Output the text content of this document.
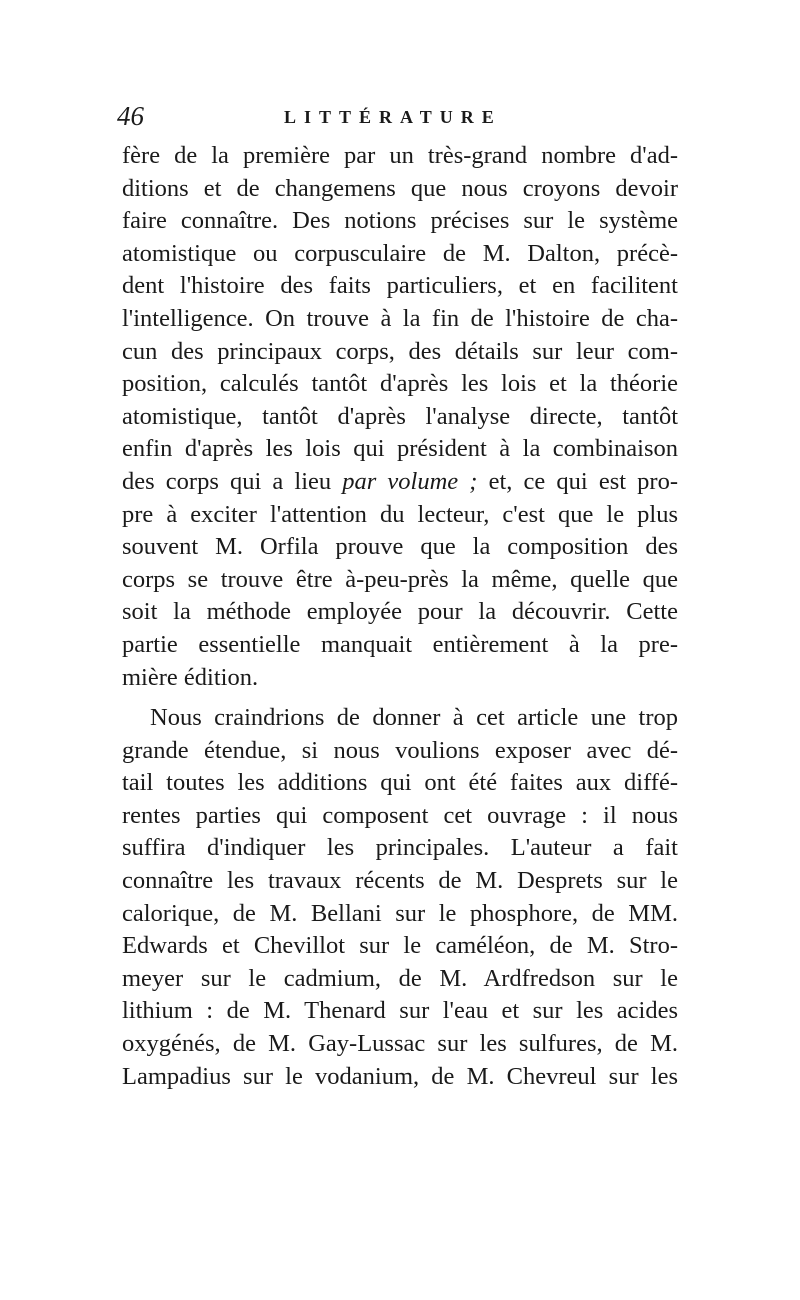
46	LITTÉRATURE
fère de la première par un très-grand nombre d'ad-
ditions et de changemens que nous croyons devoir
faire connaître. Des notions précises sur le système
atomistique ou corpusculaire de M. Dalton, précè-
dent l'histoire des faits particuliers, et en facilitent
l'intelligence. On trouve à la fin de l'histoire de cha-
cun des principaux corps, des détails sur leur com-
position, calculés tantôt d'après les lois et la théorie
atomistique, tantôt d'après l'analyse directe, tantôt
enfin d'après les lois qui président à la combinaison
des corps qui a lieu par volume ; et, ce qui est pro-
pre à exciter l'attention du lecteur, c'est que le plus
souvent M. Orfila prouve que la composition des
corps se trouve être à-peu-près la même, quelle que
soit la méthode employée pour la découvrir. Cette
partie essentielle manquait entièrement à la pre-
mière édition.
Nous craindrions de donner à cet article une trop
grande étendue, si nous voulions exposer avec dé-
tail toutes les additions qui ont été faites aux diffé-
rentes parties qui composent cet ouvrage : il nous
suffira d'indiquer les principales. L'auteur a fait
connaître les travaux récents de M. Desprets sur le
calorique, de M. Bellani sur le phosphore, de MM.
Edwards et Chevillot sur le caméléon, de M. Stro-
meyer sur le cadmium, de M. Ardfredson sur le
lithium : de M. Thenard sur l'eau et sur les acides
oxygénés, de M. Gay-Lussac sur les sulfures, de M.
Lampadius sur le vodanium, de M. Chevreul sur les
